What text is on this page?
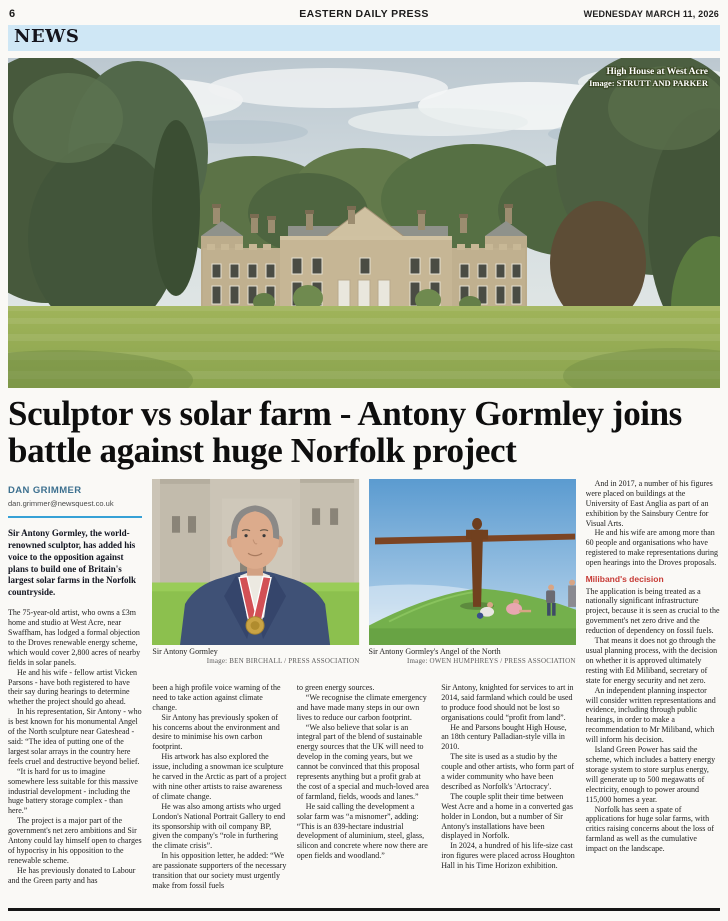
6	EASTERN DAILY PRESS	WEDNESDAY MARCH 11, 2026
NEWS
High House at West Acre
Image: STRUTT AND PARKER
Sculptor vs solar farm - Antony Gormley joins battle against huge Norfolk project
DAN GRIMMER
dan.grimmer@newsquest.co.uk
Sir Antony Gormley, the world-renowned sculptor, has added his voice to the opposition against plans to build one of Britain's largest solar farms in the Norfolk countryside.

The 75-year-old artist, who owns a £3m home and studio at West Acre, near Swaffham, has lodged a formal objection to the Droves renewable energy scheme, which would cover 2,800 acres of nearby fields in solar panels.

He and his wife - fellow artist Vicken Parsons - have both registered to have their say during hearings to determine whether the project should go ahead.

In his representation, Sir Antony - who is best known for his monumental Angel of the North sculpture near Gateshead - said: “The idea of putting one of the largest solar arrays in the country here feels cruel and destructive beyond belief.

“It is hard for us to imagine somewhere less suitable for this massive industrial development - including the huge battery storage complex - than here.”

The project is a major part of the government's net zero ambitions and Sir Antony could lay himself open to charges of hypocrisy in his opposition to the renewable scheme.

He has previously donated to Labour and the Green party and has

Sir Antony Gormley
Image: BEN BIRCHALL / PRESS ASSOCIATION
Sir Antony Gormley's Angel of the North
Image: OWEN HUMPHREYS / PRESS ASSOCIATION

been a high profile voice warning of the need to take action against climate change.

Sir Antony has previously spoken of his concerns about the environment and desire to minimise his own carbon footprint.

His artwork has also explored the issue, including a snowman ice sculpture he carved in the Arctic as part of a project with nine other artists to raise awareness of climate change.

He was also among artists who urged London's National Portrait Gallery to end its sponsorship with oil company BP, given the company's “role in furthering the climate crisis”.

In his opposition letter, he added: “We are passionate supporters of the necessary transition that our society must urgently make from fossil fuels

to green energy sources.

“We recognise the climate emergency and have made many steps in our own lives to reduce our carbon footprint.

“We also believe that solar is an integral part of the blend of sustainable energy sources that the UK will need to develop in the coming years, but we cannot be convinced that this proposal represents anything but a profit grab at the cost of a special and much-loved area of farmland, fields, woods and lanes.”

He said calling the development a solar farm was “a misnomer”, adding: “This is an 839-hectare industrial development of aluminium, steel, glass, silicon and concrete where now there are open fields and woodland.”

Sir Antony, knighted for services to art in 2014, said farmland which could be used to produce food should not be lost so organisations could “profit from land”.

He and Parsons bought High House, an 18th century Palladian-style villa in 2010.

The site is used as a studio by the couple and other artists, who form part of a wider community who have been described as Norfolk's 'Artocracy'.

The couple split their time between West Acre and a home in a converted gas holder in London, but a number of Sir Antony's installations have been displayed in Norfolk.

In 2024, a hundred of his life-size cast iron figures were placed across Houghton Hall in his Time Horizon exhibition.

And in 2017, a number of his figures were placed on buildings at the University of East Anglia as part of an exhibition by the Sainsbury Centre for Visual Arts.

He and his wife are among more than 60 people and organisations who have registered to make representations during open hearings into the Droves proposals.

Miliband's decision

The application is being treated as a nationally significant infrastructure project, because it is seen as crucial to the government's net zero drive and the reduction of dependency on fossil fuels.

That means it does not go through the usual planning process, with the decision on whether it is approved ultimately resting with Ed Miliband, secretary of state for energy security and net zero.

An independent planning inspector will consider written representations and evidence, including through public hearings, in order to make a recommendation to Mr Miliband, which will inform his decision.

Island Green Power has said the scheme, which includes a battery energy storage system to store surplus energy, will generate up to 500 megawatts of electricity, enough to power around 115,000 homes a year.

Norfolk has seen a spate of applications for huge solar farms, with critics raising concerns about the loss of farmland as well as the cumulative impact on the landscape.
